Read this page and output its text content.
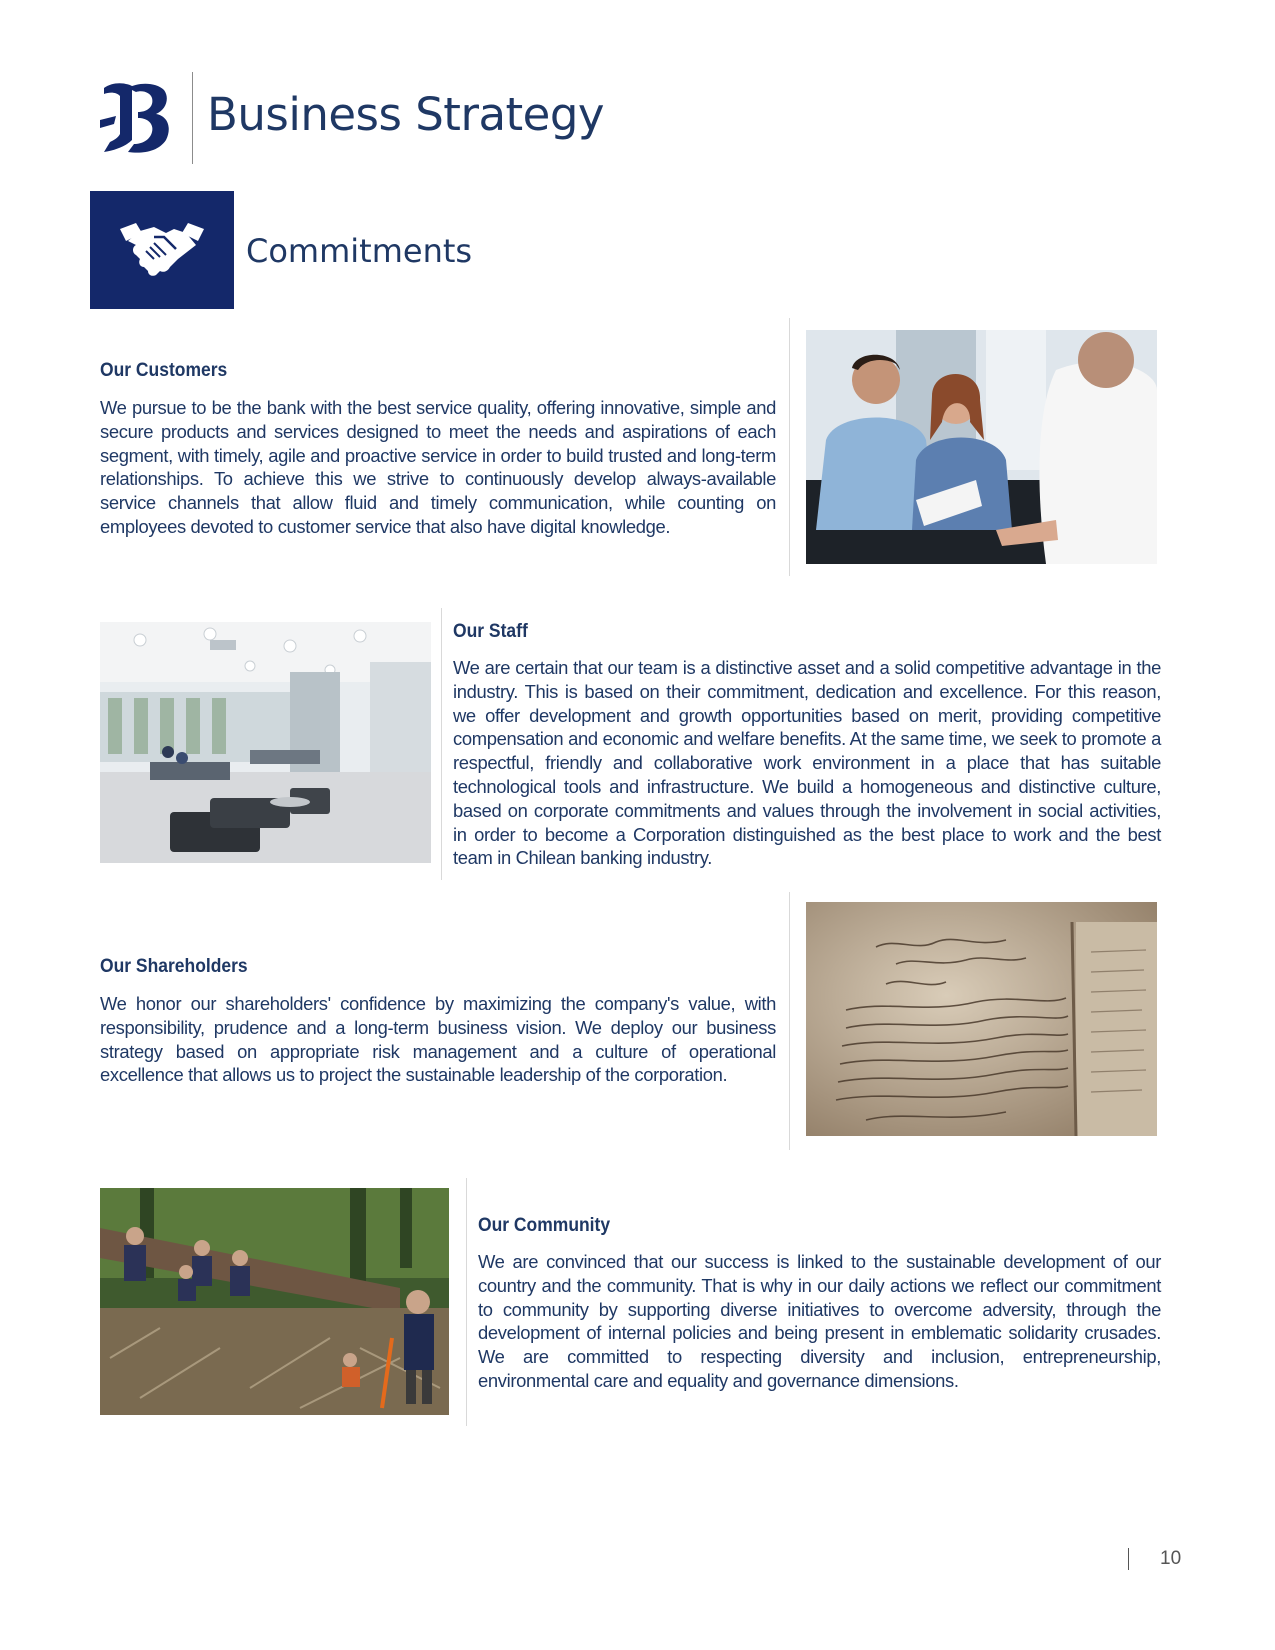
Business Strategy
Commitments
Our Customers

We pursue to be the bank with the best service quality, offering innovative, simple and secure products and services designed to meet the needs and aspirations of each segment, with timely, agile and proactive service in order to build trusted and long-term relationships. To achieve this we strive to continuously develop always-available service channels that allow fluid and timely communication, while counting on employees devoted to customer service that also have digital knowledge.

Our Staff

We are certain that our team is a distinctive asset and a solid competitive advantage in the industry. This is based on their commitment, dedication and excellence. For this reason, we offer development and growth opportunities based on merit, providing competitive compensation and economic and welfare benefits. At the same time, we seek to promote a respectful, friendly and collaborative work environment in a place that has suitable technological tools and infrastructure. We build a homogeneous and distinctive culture, based on corporate commitments and values through the involvement in social activities, in order to become a Corporation distinguished as the best place to work and the best team in Chilean banking industry.

Our Shareholders

We honor our shareholders' confidence by maximizing the company's value, with responsibility, prudence and a long-term business vision. We deploy our business strategy based on appropriate risk management and a culture of operational excellence that allows us to project the sustainable leadership of the corporation.

Our Community

We are convinced that our success is linked to the sustainable development of our country and the community. That is why in our daily actions we reflect our commitment to community by supporting diverse initiatives to overcome adversity, through the development of internal policies and being present in emblematic solidarity crusades. We are committed to respecting diversity and inclusion, entrepreneurship, environmental care and equality and governance dimensions.

10
